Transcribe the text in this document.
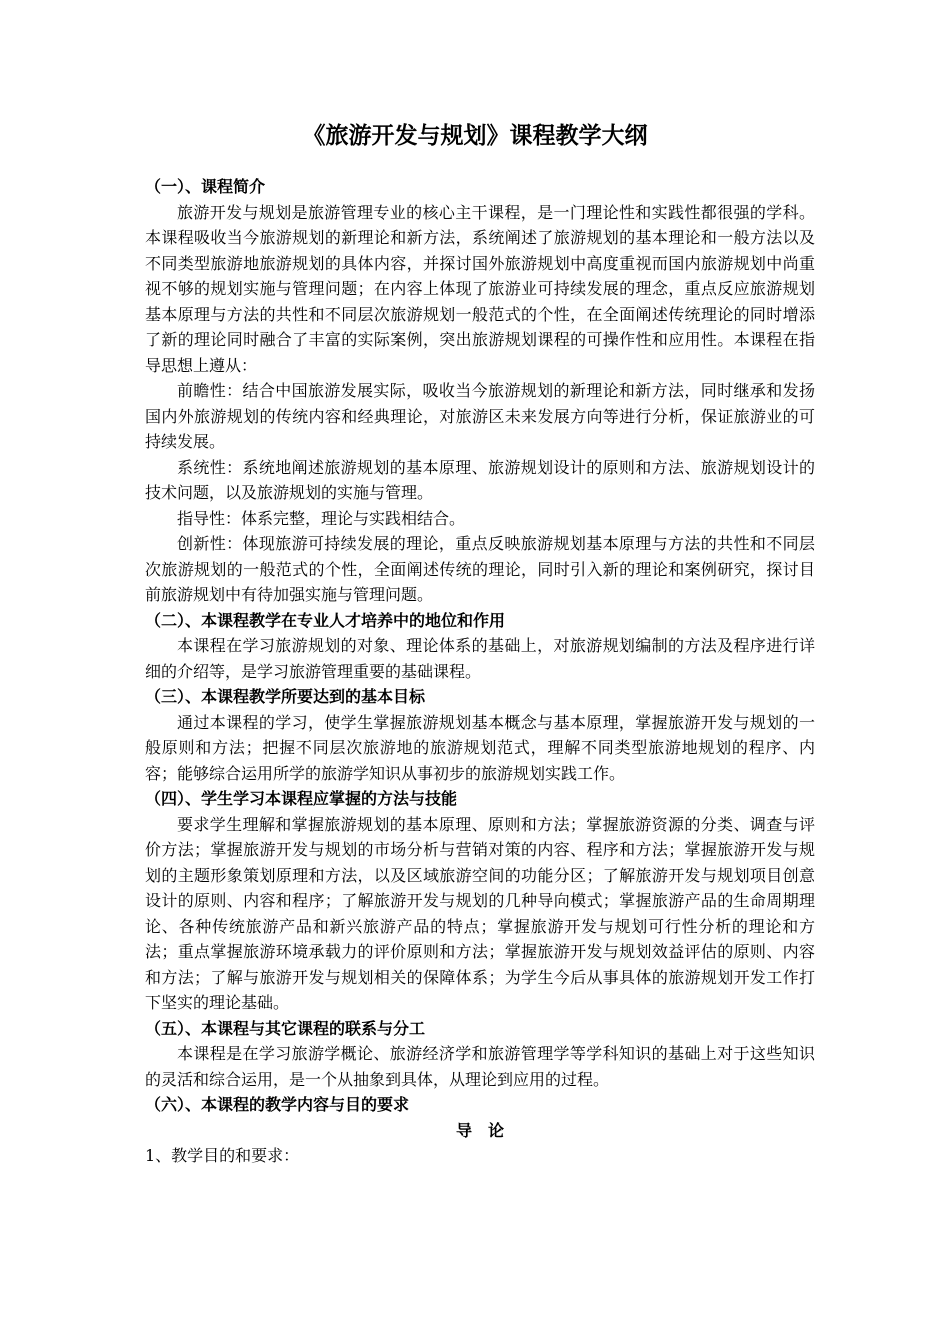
《旅游开发与规划》课程教学大纲

（一）、课程简介

旅游开发与规划是旅游管理专业的核心主干课程，是一门理论性和实践性都很强的学科。本课程吸收当今旅游规划的新理论和新方法，系统阐述了旅游规划的基本理论和一般方法以及不同类型旅游地旅游规划的具体内容，并探讨国外旅游规划中高度重视而国内旅游规划中尚重视不够的规划实施与管理问题；在内容上体现了旅游业可持续发展的理念，重点反应旅游规划基本原理与方法的共性和不同层次旅游规划一般范式的个性，在全面阐述传统理论的同时增添了新的理论同时融合了丰富的实际案例，突出旅游规划课程的可操作性和应用性。本课程在指导思想上遵从：

前瞻性：结合中国旅游发展实际，吸收当今旅游规划的新理论和新方法，同时继承和发扬国内外旅游规划的传统内容和经典理论，对旅游区未来发展方向等进行分析，保证旅游业的可持续发展。

系统性：系统地阐述旅游规划的基本原理、旅游规划设计的原则和方法、旅游规划设计的技术问题，以及旅游规划的实施与管理。

指导性：体系完整，理论与实践相结合。

创新性：体现旅游可持续发展的理论，重点反映旅游规划基本原理与方法的共性和不同层次旅游规划的一般范式的个性，全面阐述传统的理论，同时引入新的理论和案例研究，探讨目前旅游规划中有待加强实施与管理问题。

（二）、本课程教学在专业人才培养中的地位和作用

本课程在学习旅游规划的对象、理论体系的基础上，对旅游规划编制的方法及程序进行详细的介绍等，是学习旅游管理重要的基础课程。

（三）、本课程教学所要达到的基本目标

通过本课程的学习，使学生掌握旅游规划基本概念与基本原理，掌握旅游开发与规划的一般原则和方法；把握不同层次旅游地的旅游规划范式，理解不同类型旅游地规划的程序、内容；能够综合运用所学的旅游学知识从事初步的旅游规划实践工作。

（四）、学生学习本课程应掌握的方法与技能

要求学生理解和掌握旅游规划的基本原理、原则和方法；掌握旅游资源的分类、调查与评价方法；掌握旅游开发与规划的市场分析与营销对策的内容、程序和方法；掌握旅游开发与规划的主题形象策划原理和方法，以及区域旅游空间的功能分区；了解旅游开发与规划项目创意设计的原则、内容和程序；了解旅游开发与规划的几种导向模式；掌握旅游产品的生命周期理论、各种传统旅游产品和新兴旅游产品的特点；掌握旅游开发与规划可行性分析的理论和方法；重点掌握旅游环境承载力的评价原则和方法；掌握旅游开发与规划效益评估的原则、内容和方法；了解与旅游开发与规划相关的保障体系；为学生今后从事具体的旅游规划开发工作打下坚实的理论基础。

（五）、本课程与其它课程的联系与分工

本课程是在学习旅游学概论、旅游经济学和旅游管理学等学科知识的基础上对于这些知识的灵活和综合运用，是一个从抽象到具体，从理论到应用的过程。

（六）、本课程的教学内容与目的要求

导论

1、教学目的和要求：
